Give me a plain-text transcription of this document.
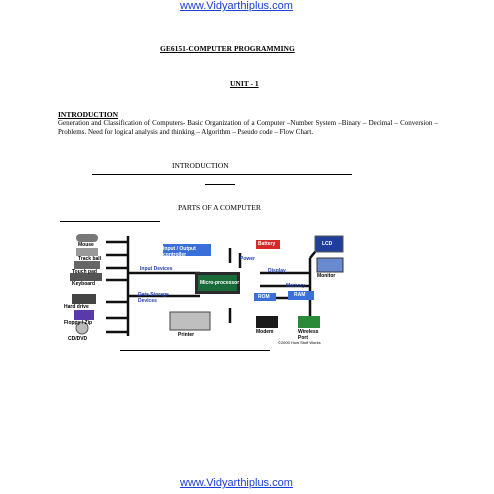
www.Vidyarthiplus.com
GE6151-COMPUTER PROGRAMMING
UNIT - 1
INTRODUCTION
Generation and Classification of Computers- Basic Organization of a Computer –Number System –Binary – Decimal – Conversion – Problems. Need for logical analysis and thinking – Algorithm – Pseudo code – Flow Chart.
INTRODUCTION
PARTS OF A COMPUTER
Micro-processor
Input / Output controller
Input Devices
Data Storage Devices
Mouse
Track ball
Touch pad
Keyboard
Hard drive
Floppy / Zip
CD/DVD
Battery
Power
LCD
Monitor
Display
Memory
ROM	RAM
Modem	Wireless Port
Printer
©2000 How Stuff Works
www.Vidyarthiplus.com
